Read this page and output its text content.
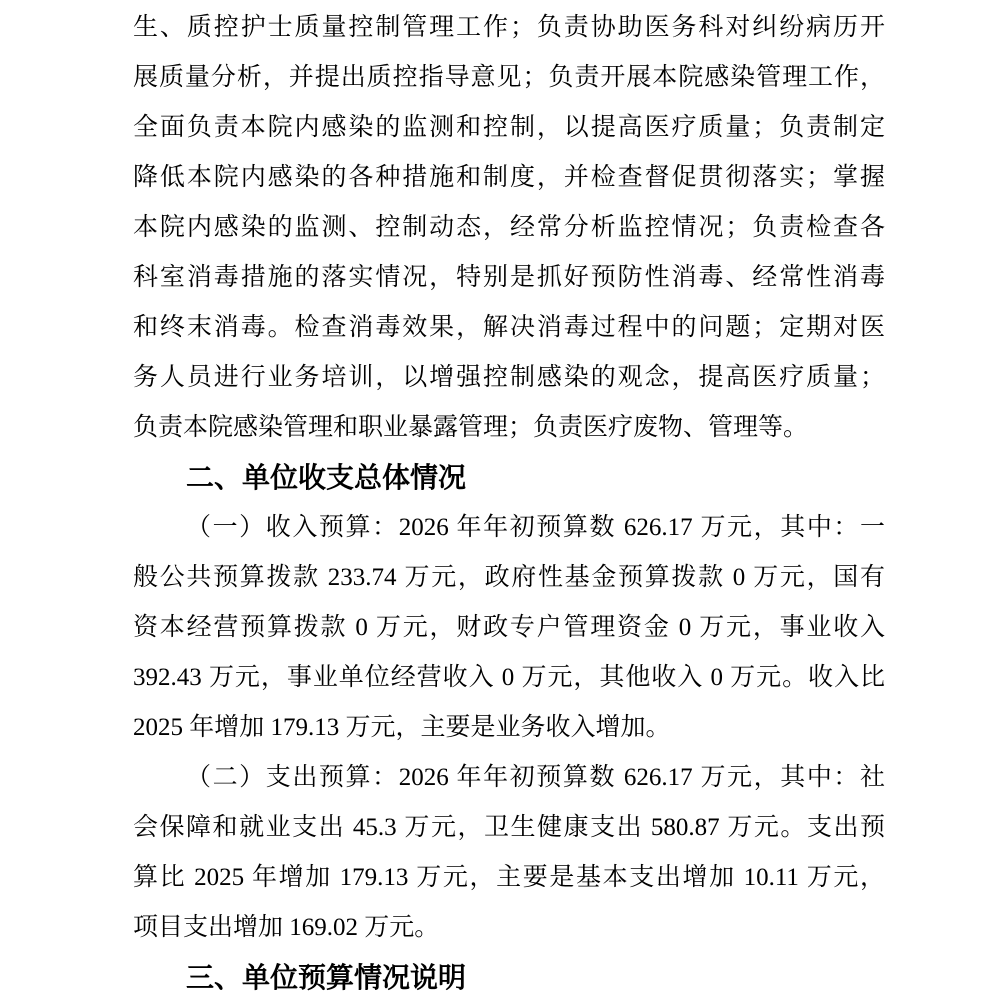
生、质控护士质量控制管理工作；负责协助医务科对纠纷病历开
展质量分析，并提出质控指导意见；负责开展本院感染管理工作，
全面负责本院内感染的监测和控制，以提高医疗质量；负责制定
降低本院内感染的各种措施和制度，并检查督促贯彻落实；掌握
本院内感染的监测、控制动态，经常分析监控情况；负责检查各
科室消毒措施的落实情况，特别是抓好预防性消毒、经常性消毒
和终末消毒。检查消毒效果，解决消毒过程中的问题；定期对医
务人员进行业务培训，以增强控制感染的观念，提高医疗质量；
负责本院感染管理和职业暴露管理；负责医疗废物、管理等。
二、单位收支总体情况
（一）收入预算：2026 年年初预算数 626.17 万元，其中：一
般公共预算拨款 233.74 万元，政府性基金预算拨款 0 万元，国有
资本经营预算拨款 0 万元，财政专户管理资金 0 万元，事业收入
392.43 万元，事业单位经营收入 0 万元，其他收入 0 万元。收入比
2025 年增加 179.13 万元，主要是业务收入增加。
（二）支出预算：2026 年年初预算数 626.17 万元，其中：社
会保障和就业支出 45.3 万元，卫生健康支出 580.87 万元。支出预
算比 2025 年增加 179.13 万元，主要是基本支出增加 10.11 万元，
项目支出增加 169.02 万元。
三、单位预算情况说明
